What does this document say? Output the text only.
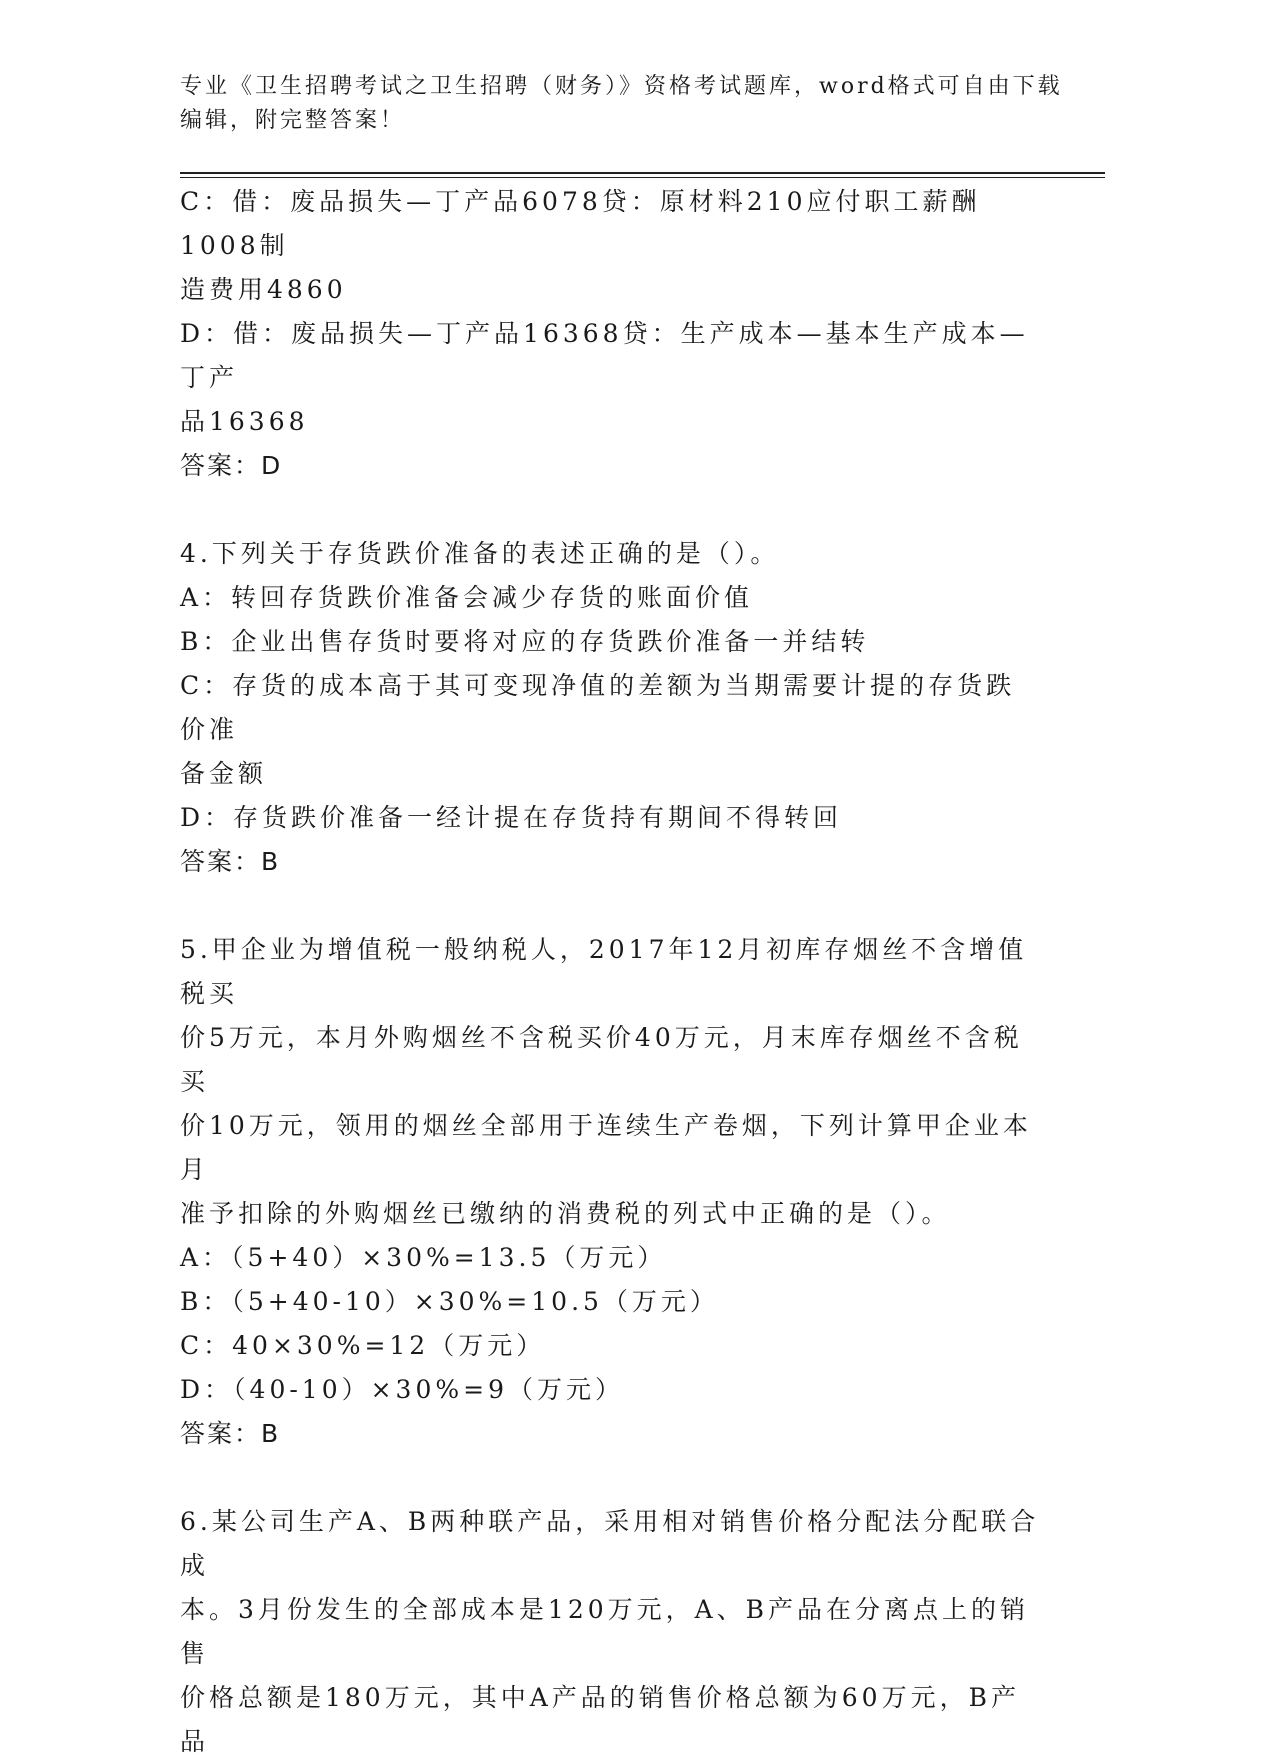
专业《卫生招聘考试之卫生招聘（财务）》资格考试题库，word格式可自由下载
编辑，附完整答案！
C：借：废品损失—丁产品6078贷：原材料210应付职工薪酬1008制
造费用4860
D：借：废品损失—丁产品16368贷：生产成本—基本生产成本—丁产
品16368
答案：D
4.下列关于存货跌价准备的表述正确的是（）。
A：转回存货跌价准备会减少存货的账面价值
B：企业出售存货时要将对应的存货跌价准备一并结转
C：存货的成本高于其可变现净值的差额为当期需要计提的存货跌价准
备金额
D：存货跌价准备一经计提在存货持有期间不得转回
答案：B
5.甲企业为增值税一般纳税人，2017年12月初库存烟丝不含增值税买
价5万元，本月外购烟丝不含税买价40万元，月末库存烟丝不含税买
价10万元，领用的烟丝全部用于连续生产卷烟，下列计算甲企业本月
准予扣除的外购烟丝已缴纳的消费税的列式中正确的是（）。
A：（5+40）×30%=13.5（万元）
B：（5+40-10）×30%=10.5（万元）
C：40×30%=12（万元）
D：（40-10）×30%=9（万元）
答案：B
6.某公司生产A、B两种联产品，采用相对销售价格分配法分配联合成
本。3月份发生的全部成本是120万元，A、B产品在分离点上的销售
价格总额是180万元，其中A产品的销售价格总额为60万元，B产品
